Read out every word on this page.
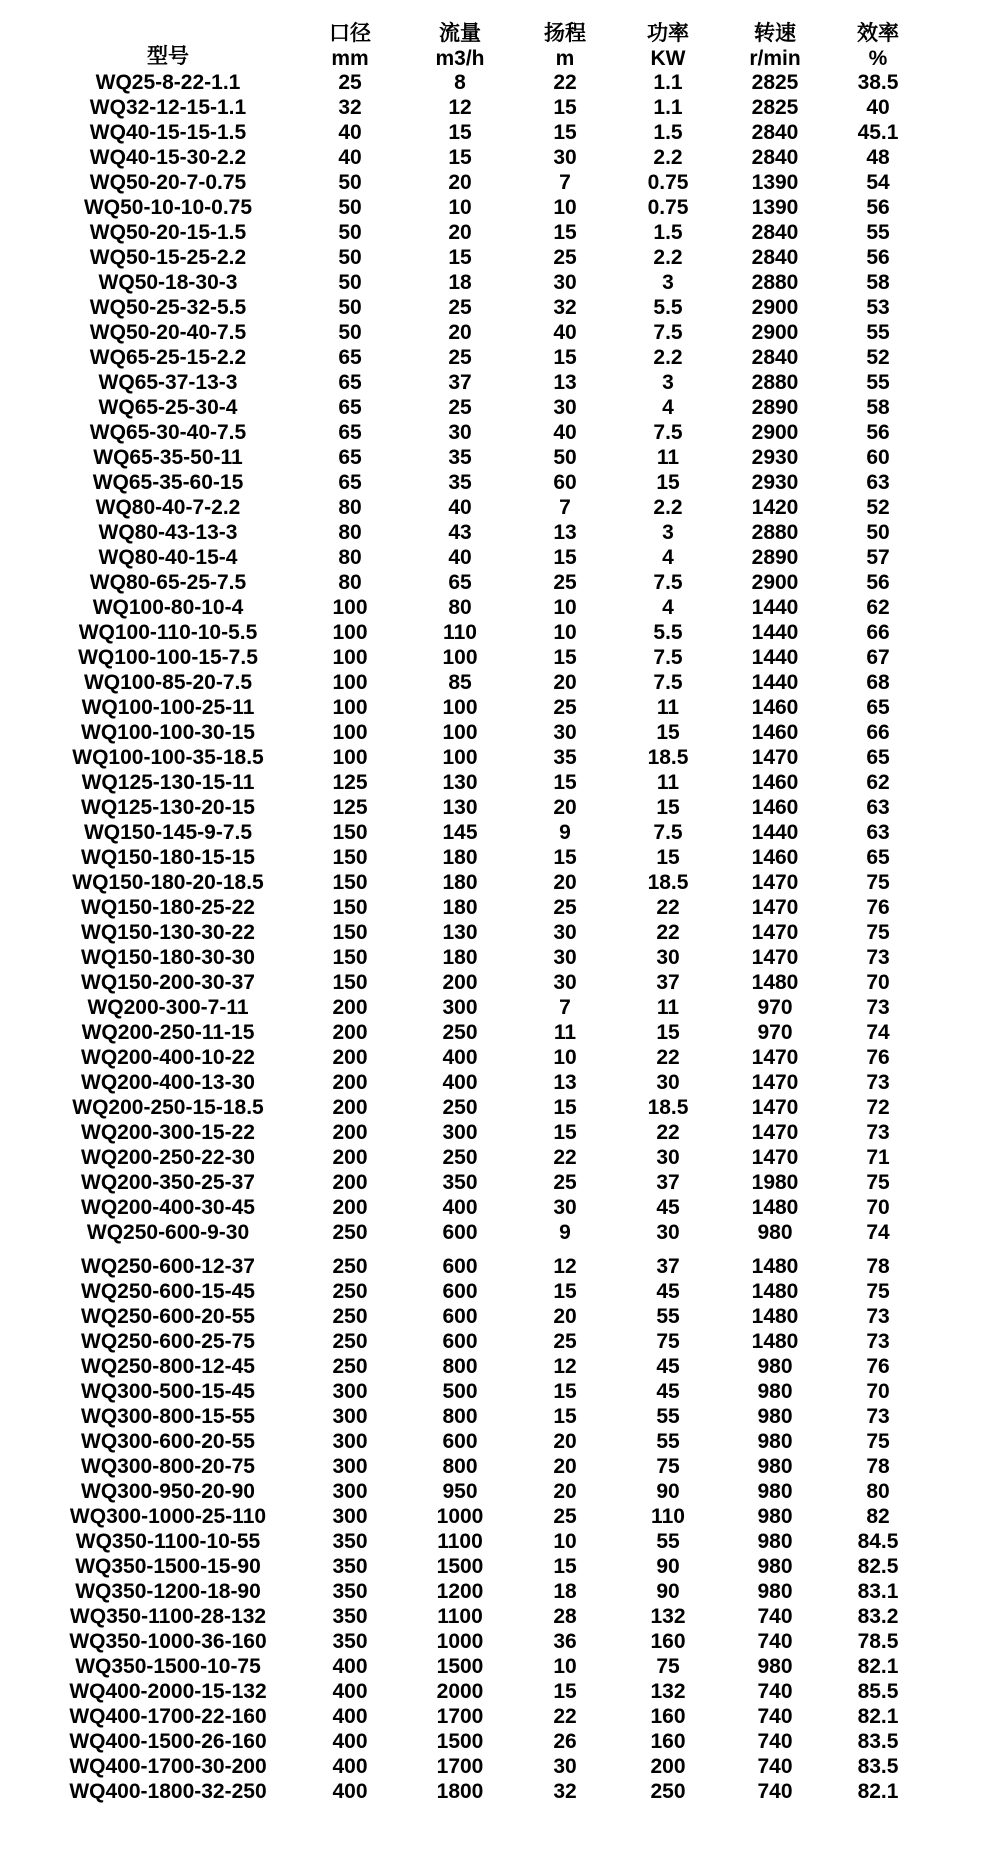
型号	口径	流量	扬程	功率	转速	效率
	mm	m3/h	m	KW	r/min	%
WQ25-8-22-1.1	25	8	22	1.1	2825	38.5
WQ32-12-15-1.1	32	12	15	1.1	2825	40
WQ40-15-15-1.5	40	15	15	1.5	2840	45.1
WQ40-15-30-2.2	40	15	30	2.2	2840	48
WQ50-20-7-0.75	50	20	7	0.75	1390	54
WQ50-10-10-0.75	50	10	10	0.75	1390	56
WQ50-20-15-1.5	50	20	15	1.5	2840	55
WQ50-15-25-2.2	50	15	25	2.2	2840	56
WQ50-18-30-3	50	18	30	3	2880	58
WQ50-25-32-5.5	50	25	32	5.5	2900	53
WQ50-20-40-7.5	50	20	40	7.5	2900	55
WQ65-25-15-2.2	65	25	15	2.2	2840	52
WQ65-37-13-3	65	37	13	3	2880	55
WQ65-25-30-4	65	25	30	4	2890	58
WQ65-30-40-7.5	65	30	40	7.5	2900	56
WQ65-35-50-11	65	35	50	11	2930	60
WQ65-35-60-15	65	35	60	15	2930	63
WQ80-40-7-2.2	80	40	7	2.2	1420	52
WQ80-43-13-3	80	43	13	3	2880	50
WQ80-40-15-4	80	40	15	4	2890	57
WQ80-65-25-7.5	80	65	25	7.5	2900	56
WQ100-80-10-4	100	80	10	4	1440	62
WQ100-110-10-5.5	100	110	10	5.5	1440	66
WQ100-100-15-7.5	100	100	15	7.5	1440	67
WQ100-85-20-7.5	100	85	20	7.5	1440	68
WQ100-100-25-11	100	100	25	11	1460	65
WQ100-100-30-15	100	100	30	15	1460	66
WQ100-100-35-18.5	100	100	35	18.5	1470	65
WQ125-130-15-11	125	130	15	11	1460	62
WQ125-130-20-15	125	130	20	15	1460	63
WQ150-145-9-7.5	150	145	9	7.5	1440	63
WQ150-180-15-15	150	180	15	15	1460	65
WQ150-180-20-18.5	150	180	20	18.5	1470	75
WQ150-180-25-22	150	180	25	22	1470	76
WQ150-130-30-22	150	130	30	22	1470	75
WQ150-180-30-30	150	180	30	30	1470	73
WQ150-200-30-37	150	200	30	37	1480	70
WQ200-300-7-11	200	300	7	11	970	73
WQ200-250-11-15	200	250	11	15	970	74
WQ200-400-10-22	200	400	10	22	1470	76
WQ200-400-13-30	200	400	13	30	1470	73
WQ200-250-15-18.5	200	250	15	18.5	1470	72
WQ200-300-15-22	200	300	15	22	1470	73
WQ200-250-22-30	200	250	22	30	1470	71
WQ200-350-25-37	200	350	25	37	1980	75
WQ200-400-30-45	200	400	30	45	1480	70
WQ250-600-9-30	250	600	9	30	980	74
WQ250-600-12-37	250	600	12	37	1480	78
WQ250-600-15-45	250	600	15	45	1480	75
WQ250-600-20-55	250	600	20	55	1480	73
WQ250-600-25-75	250	600	25	75	1480	73
WQ250-800-12-45	250	800	12	45	980	76
WQ300-500-15-45	300	500	15	45	980	70
WQ300-800-15-55	300	800	15	55	980	73
WQ300-600-20-55	300	600	20	55	980	75
WQ300-800-20-75	300	800	20	75	980	78
WQ300-950-20-90	300	950	20	90	980	80
WQ300-1000-25-110	300	1000	25	110	980	82
WQ350-1100-10-55	350	1100	10	55	980	84.5
WQ350-1500-15-90	350	1500	15	90	980	82.5
WQ350-1200-18-90	350	1200	18	90	980	83.1
WQ350-1100-28-132	350	1100	28	132	740	83.2
WQ350-1000-36-160	350	1000	36	160	740	78.5
WQ350-1500-10-75	400	1500	10	75	980	82.1
WQ400-2000-15-132	400	2000	15	132	740	85.5
WQ400-1700-22-160	400	1700	22	160	740	82.1
WQ400-1500-26-160	400	1500	26	160	740	83.5
WQ400-1700-30-200	400	1700	30	200	740	83.5
WQ400-1800-32-250	400	1800	32	250	740	82.1
